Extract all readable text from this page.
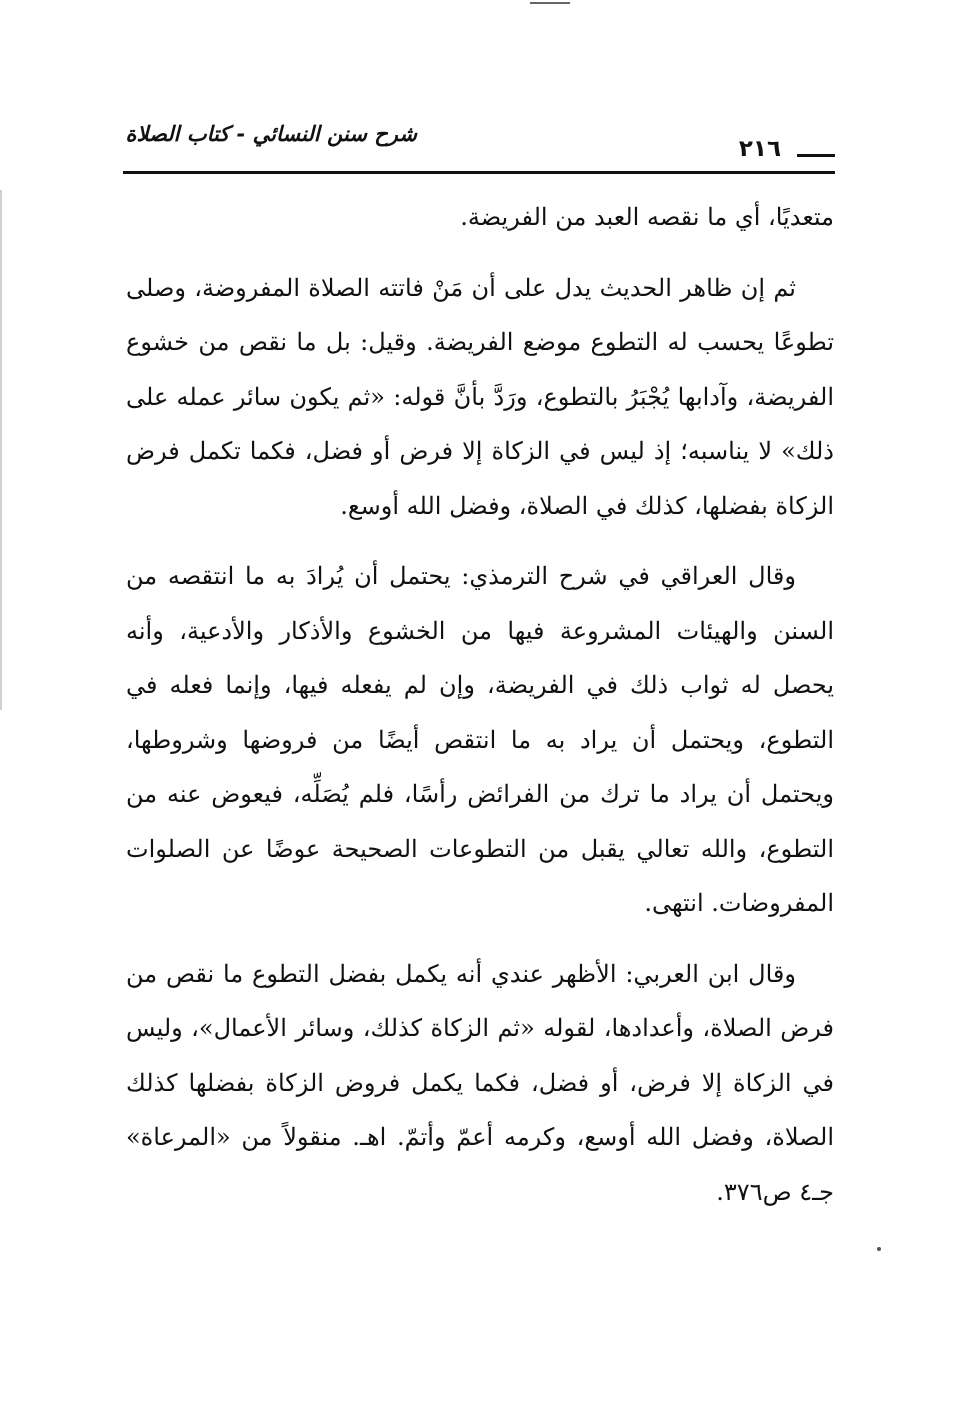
شرح سنن النسائي - كتاب الصلاة
٢١٦

متعديًا، أي ما نقصه العبد من الفريضة.

ثم إن ظاهر الحديث يدل على أن مَنْ فاتته الصلاة المفروضة، وصلى تطوعًا يحسب له التطوع موضع الفريضة. وقيل: بل ما نقص من خشوع الفريضة، وآدابها يُجْبَرُ بالتطوع، ورَدَّ بأنَّ قوله: «ثم يكون سائر عمله على ذلك» لا يناسبه؛ إذ ليس في الزكاة إلا فرض أو فضل، فكما تكمل فرض الزكاة بفضلها، كذلك في الصلاة، وفضل الله أوسع.

وقال العراقي في شرح الترمذي: يحتمل أن يُرادَ به ما انتقصه من السنن والهيئات المشروعة فيها من الخشوع والأذكار والأدعية، وأنه يحصل له ثواب ذلك في الفريضة، وإن لم يفعله فيها، وإنما فعله في التطوع، ويحتمل أن يراد به ما انتقص أيضًا من فروضها وشروطها، ويحتمل أن يراد ما ترك من الفرائض رأسًا، فلم يُصَلِّه، فيعوض عنه من التطوع، والله تعالي يقبل من التطوعات الصحيحة عوضًا عن الصلوات المفروضات. انتهى.

وقال ابن العربي: الأظهر عندي أنه يكمل بفضل التطوع ما نقص من فرض الصلاة، وأعدادها، لقوله «ثم الزكاة كذلك، وسائر الأعمال»، وليس في الزكاة إلا فرض، أو فضل، فكما يكمل فروض الزكاة بفضلها كذلك الصلاة، وفضل الله أوسع، وكرمه أعمّ وأتمّ. اهـ. منقولاً من «المرعاة» جـ٤ ص٣٧٦.
